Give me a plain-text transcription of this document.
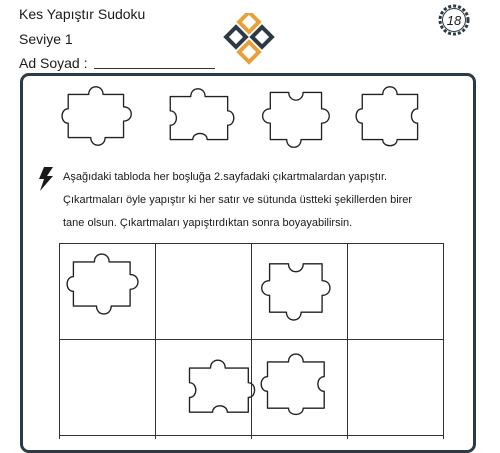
Kes Yapıştır Sudoku
Seviye 1
Ad Soyad :
18

Aşağıdaki tabloda her boşluğa 2.sayfadaki çıkartmalardan yapıştır.

Çıkartmaları öyle yapıştır ki her satır ve sütunda üstteki şekillerden birer

tane olsun. Çıkartmaları yapıştırdıktan sonra boyayabilirsin.
